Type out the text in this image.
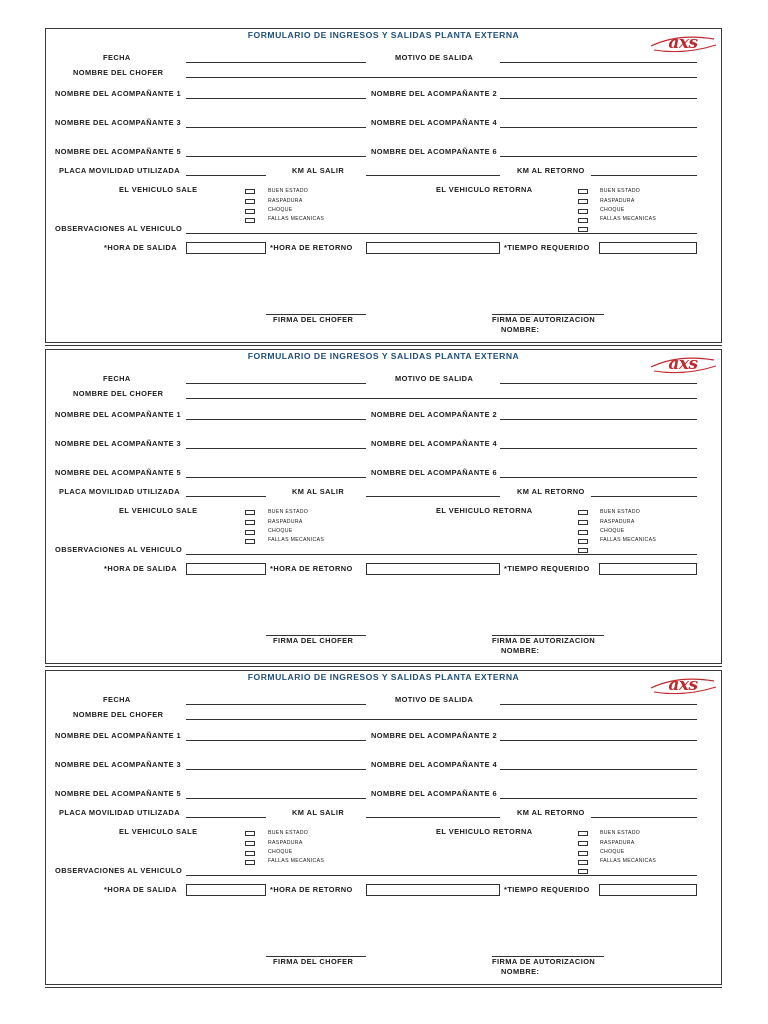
FORMULARIO DE INGRESOS Y SALIDAS PLANTA EXTERNA	axs
FECHA	MOTIVO DE SALIDA
NOMBRE DEL CHOFER
NOMBRE DEL ACOMPAÑANTE 1	NOMBRE DEL ACOMPAÑANTE 2
NOMBRE DEL ACOMPAÑANTE 3	NOMBRE DEL ACOMPAÑANTE 4
NOMBRE DEL ACOMPAÑANTE 5	NOMBRE DEL ACOMPAÑANTE 6
PLACA MOVILIDAD UTILIZADA	KM AL SALIR	KM AL RETORNO
EL VEHICULO SALE	BUEN ESTADO
RASPADURA
CHOQUE
FALLAS MECANICAS
EL VEHICULO RETORNA	BUEN ESTADO
RASPADURA
CHOQUE
FALLAS MECANICAS
OBSERVACIONES AL VEHICULO
*HORA DE SALIDA	*HORA DE RETORNO	*TIEMPO REQUERIDO
FIRMA DEL CHOFER	FIRMA DE AUTORIZACION
NOMBRE:
FORMULARIO DE INGRESOS Y SALIDAS PLANTA EXTERNA	axs
FECHA	MOTIVO DE SALIDA
NOMBRE DEL CHOFER
NOMBRE DEL ACOMPAÑANTE 1	NOMBRE DEL ACOMPAÑANTE 2
NOMBRE DEL ACOMPAÑANTE 3	NOMBRE DEL ACOMPAÑANTE 4
NOMBRE DEL ACOMPAÑANTE 5	NOMBRE DEL ACOMPAÑANTE 6
PLACA MOVILIDAD UTILIZADA	KM AL SALIR	KM AL RETORNO
EL VEHICULO SALE	BUEN ESTADO
RASPADURA
CHOQUE
FALLAS MECANICAS
EL VEHICULO RETORNA	BUEN ESTADO
RASPADURA
CHOQUE
FALLAS MECANICAS
OBSERVACIONES AL VEHICULO
*HORA DE SALIDA	*HORA DE RETORNO	*TIEMPO REQUERIDO
FIRMA DEL CHOFER	FIRMA DE AUTORIZACION
NOMBRE:
FORMULARIO DE INGRESOS Y SALIDAS PLANTA EXTERNA	axs
FECHA	MOTIVO DE SALIDA
NOMBRE DEL CHOFER
NOMBRE DEL ACOMPAÑANTE 1	NOMBRE DEL ACOMPAÑANTE 2
NOMBRE DEL ACOMPAÑANTE 3	NOMBRE DEL ACOMPAÑANTE 4
NOMBRE DEL ACOMPAÑANTE 5	NOMBRE DEL ACOMPAÑANTE 6
PLACA MOVILIDAD UTILIZADA	KM AL SALIR	KM AL RETORNO
EL VEHICULO SALE	BUEN ESTADO
RASPADURA
CHOQUE
FALLAS MECANICAS
EL VEHICULO RETORNA	BUEN ESTADO
RASPADURA
CHOQUE
FALLAS MECANICAS
OBSERVACIONES AL VEHICULO
*HORA DE SALIDA	*HORA DE RETORNO	*TIEMPO REQUERIDO
FIRMA DEL CHOFER	FIRMA DE AUTORIZACION
NOMBRE:
